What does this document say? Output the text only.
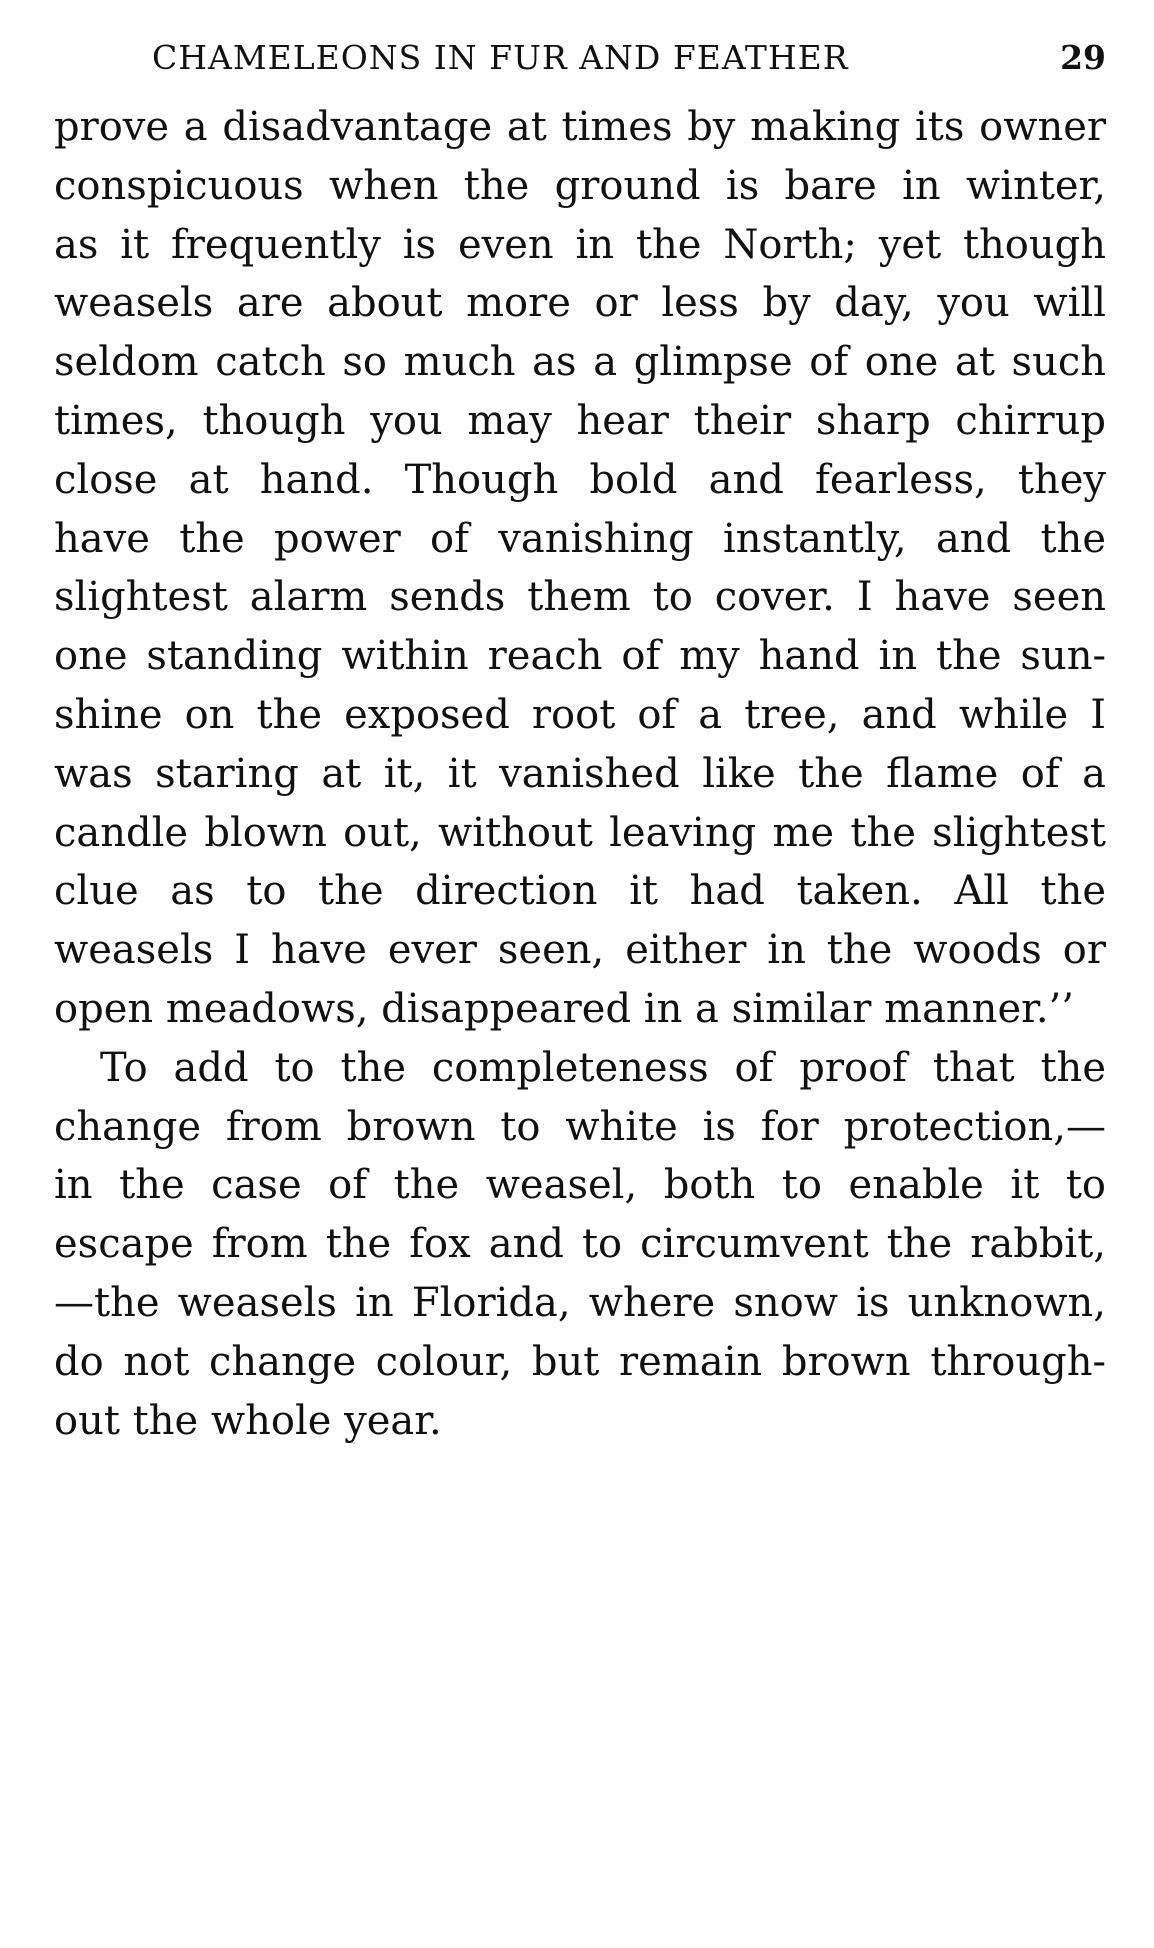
CHAMELEONS IN FUR AND FEATHER	29
prove a disadvantage at times by making its owner
conspicuous when the ground is bare in winter,
as it frequently is even in the North; yet though
weasels are about more or less by day, you will
seldom catch so much as a glimpse of one at such
times, though you may hear their sharp chirrup
close at hand. Though bold and fearless, they
have the power of vanishing instantly, and the
slightest alarm sends them to cover. I have seen
one standing within reach of my hand in the sun-
shine on the exposed root of a tree, and while I
was staring at it, it vanished like the flame of a
candle blown out, without leaving me the slightest
clue as to the direction it had taken. All the
weasels I have ever seen, either in the woods or
open meadows, disappeared in a similar manner.’’
To add to the completeness of proof that the
change from brown to white is for protection,—
in the case of the weasel, both to enable it to
escape from the fox and to circumvent the rabbit,
—the weasels in Florida, where snow is unknown,
do not change colour, but remain brown through-
out the whole year.
